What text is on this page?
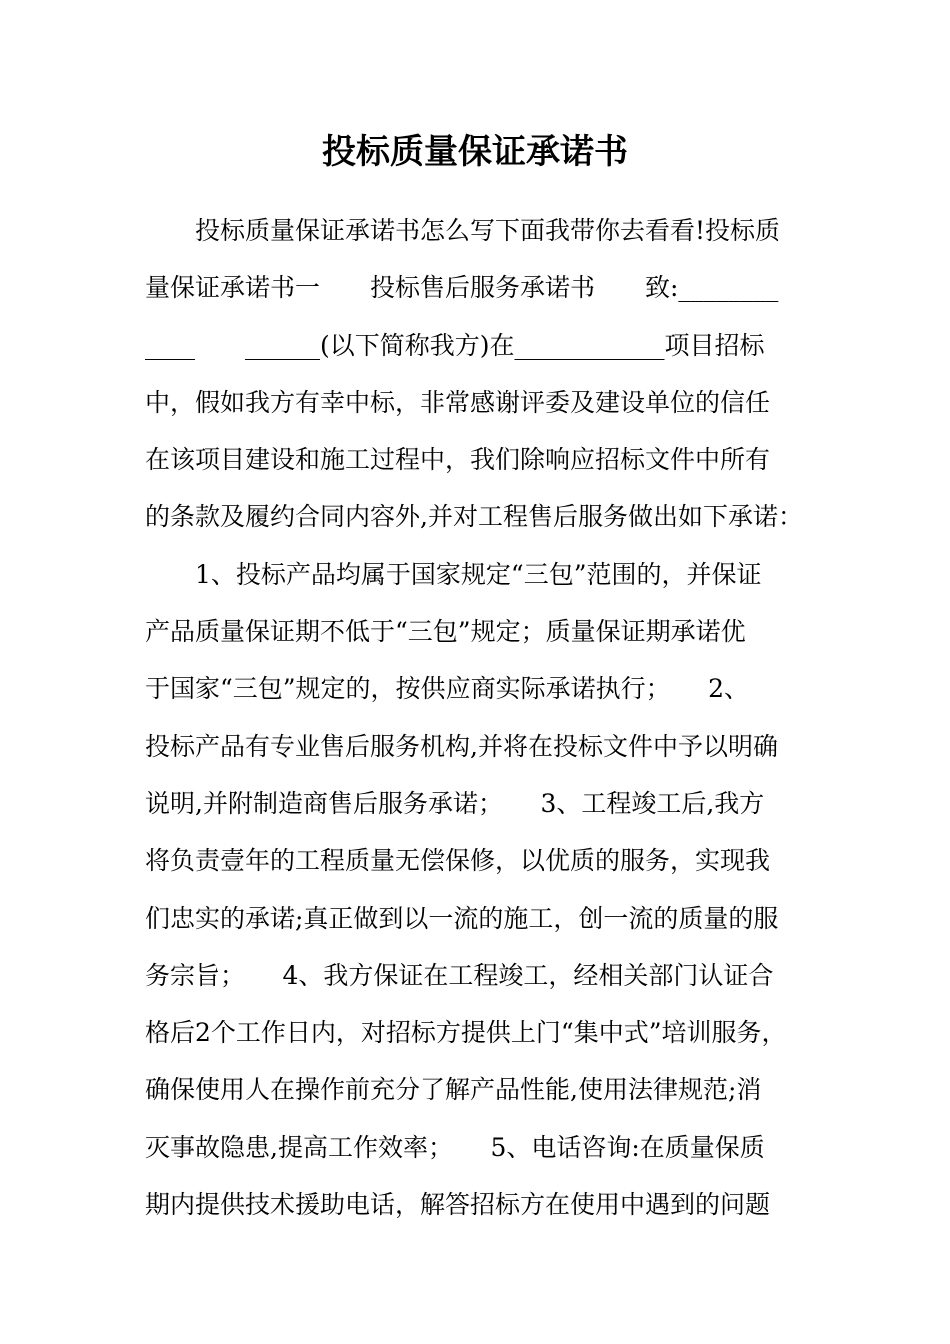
投标质量保证承诺书
　　投标质量保证承诺书怎么写下面我带你去看看!投标质
量保证承诺书一　　投标售后服务承诺书　　致:________
____　　______(以下简称我方)在____________项目招标
中，假如我方有幸中标，非常感谢评委及建设单位的信任
在该项目建设和施工过程中，我们除响应招标文件中所有
的条款及履约合同内容外,并对工程售后服务做出如下承诺：
　　1、投标产品均属于国家规定“三包”范围的，并保证
产品质量保证期不低于“三包”规定；质量保证期承诺优
于国家“三包”规定的，按供应商实际承诺执行；　　2、
投标产品有专业售后服务机构,并将在投标文件中予以明确
说明,并附制造商售后服务承诺；　　3、工程竣工后,我方
将负责壹年的工程质量无偿保修，以优质的服务，实现我
们忠实的承诺;真正做到以一流的施工，创一流的质量的服
务宗旨；　　4、我方保证在工程竣工，经相关部门认证合
格后2个工作日内，对招标方提供上门“集中式”培训服务，
确保使用人在操作前充分了解产品性能,使用法律规范;消
灭事故隐患,提高工作效率；　　5、电话咨询:在质量保质
期内提供技术援助电话，解答招标方在使用中遇到的问题
